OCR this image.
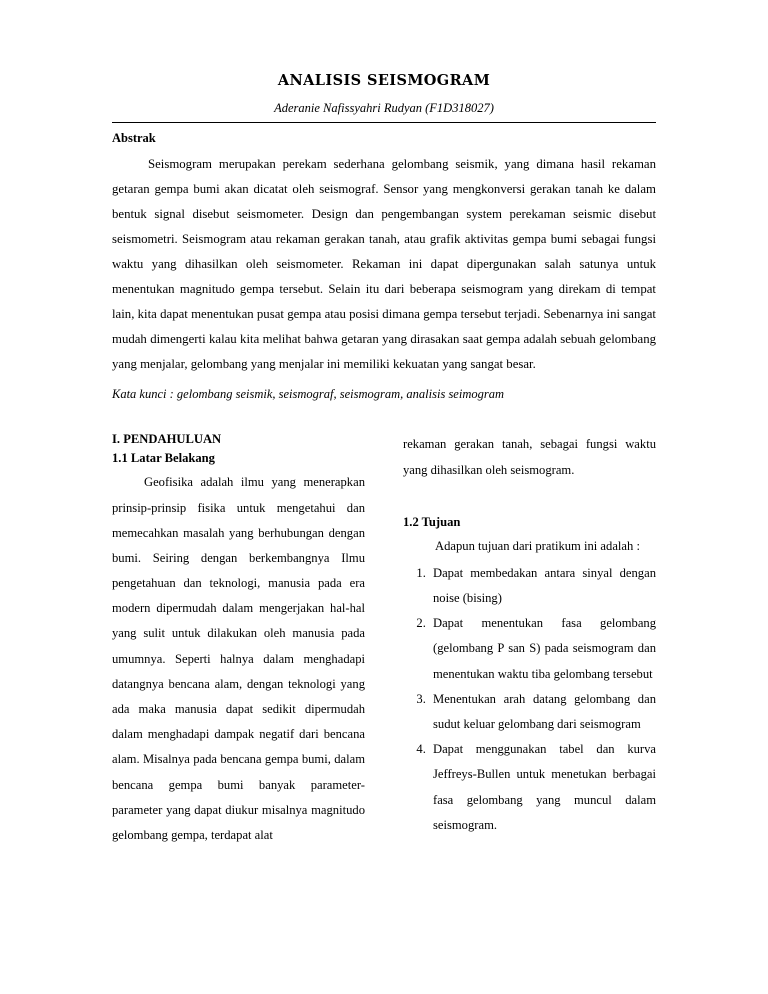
ANALISIS SEISMOGRAM
Aderanie Nafissyahri Rudyan (F1D318027)
Abstrak

Seismogram merupakan perekam sederhana gelombang seismik, yang dimana hasil rekaman getaran gempa bumi akan dicatat oleh seismograf. Sensor yang mengkonversi gerakan tanah ke dalam bentuk signal disebut seismometer. Design dan pengembangan system perekaman seismic disebut seismometri. Seismogram atau rekaman gerakan tanah, atau grafik aktivitas gempa bumi sebagai fungsi waktu yang dihasilkan oleh seismometer. Rekaman ini dapat dipergunakan salah satunya untuk menentukan magnitudo gempa tersebut. Selain itu dari beberapa seismogram yang direkam di tempat lain, kita dapat menentukan pusat gempa atau posisi dimana gempa tersebut terjadi. Sebenarnya ini sangat mudah dimengerti kalau kita melihat bahwa getaran yang dirasakan saat gempa adalah sebuah gelombang yang menjalar, gelombang yang menjalar ini memiliki kekuatan yang sangat besar.

Kata kunci : gelombang seismik, seismograf, seismogram, analisis seimogram

I. PENDAHULUAN
1.1 Latar Belakang

Geofisika adalah ilmu yang menerapkan prinsip-prinsip fisika untuk mengetahui dan memecahkan masalah yang berhubungan dengan bumi. Seiring dengan berkembangnya Ilmu pengetahuan dan teknologi, manusia pada era modern dipermudah dalam mengerjakan hal-hal yang sulit untuk dilakukan oleh manusia pada umumnya. Seperti halnya dalam menghadapi datangnya bencana alam, dengan teknologi yang ada maka manusia dapat sedikit dipermudah dalam menghadapi dampak negatif dari bencana alam. Misalnya pada bencana gempa bumi, dalam bencana gempa bumi banyak parameter-parameter yang dapat diukur misalnya magnitudo gelombang gempa, terdapat alat

rekaman gerakan tanah, sebagai fungsi waktu yang dihasilkan oleh seismogram.

1.2 Tujuan

Adapun tujuan dari pratikum ini adalah :

1. Dapat membedakan antara sinyal dengan noise (bising)
2. Dapat menentukan fasa gelombang (gelombang P san S) pada seismogram dan menentukan waktu tiba gelombang tersebut
3. Menentukan arah datang gelombang dan sudut keluar gelombang dari seismogram
4. Dapat menggunakan tabel dan kurva Jeffreys-Bullen untuk menetukan berbagai fasa gelombang yang muncul dalam seismogram.
